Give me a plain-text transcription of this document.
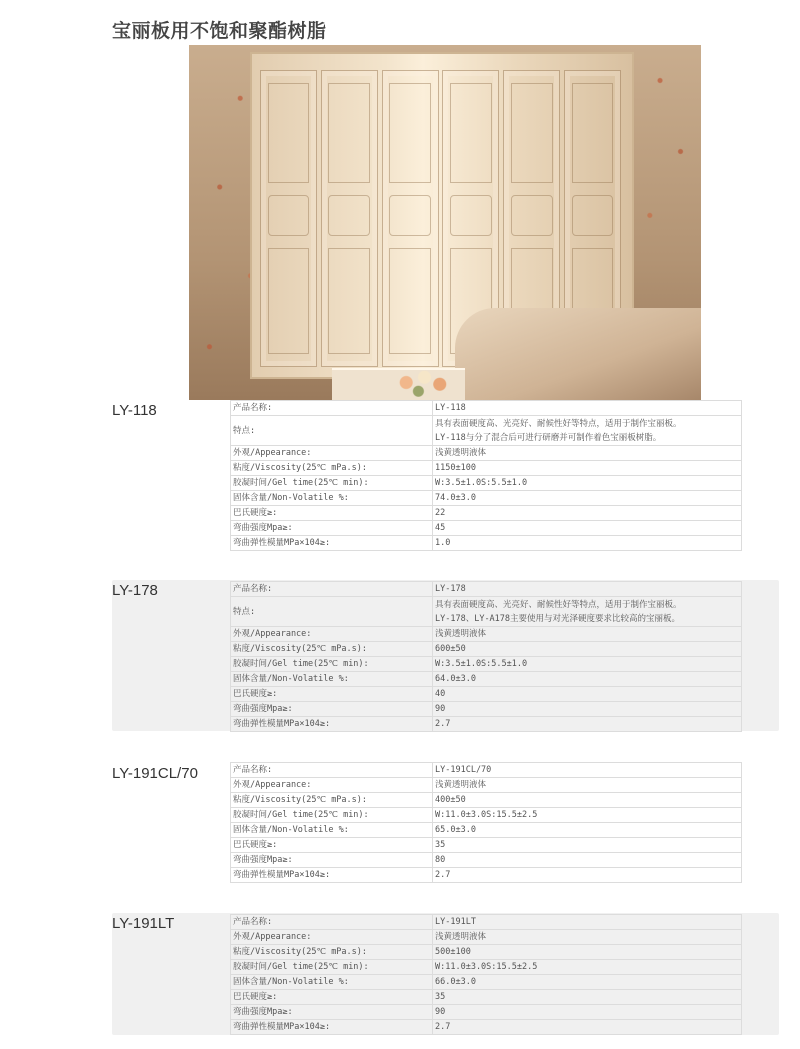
宝丽板用不饱和聚酯树脂
LY-118	产品名称:	LY-118
特点:	具有表面硬度高、光亮好、耐候性好等特点，适用于制作宝丽板。
LY-118与分了混合后可进行研磨并可制作着色宝丽板树脂。

外观/Appearance:	浅黄透明液体
粘度/Viscosity(25℃ mPa.s):	1150±100
胶凝时间/Gel time(25℃ min):	W:3.5±1.0S:5.5±1.0
固体含量/Non-Volatile %:	74.0±3.0
巴氏硬度≥:	22
弯曲强度Mpa≥:	45
弯曲弹性模量MPa×104≥:	1.0
LY-178	产品名称:	LY-178
特点:	具有表面硬度高、光亮好、耐候性好等特点，适用于制作宝丽板。
LY-178、LY-A178主要使用与对光泽硬度要求比较高的宝丽板。

外观/Appearance:	浅黄透明液体
粘度/Viscosity(25℃ mPa.s):	600±50
胶凝时间/Gel time(25℃ min):	W:3.5±1.0S:5.5±1.0
固体含量/Non-Volatile %:	64.0±3.0
巴氏硬度≥:	40
弯曲强度Mpa≥:	90
弯曲弹性模量MPa×104≥:	2.7
LY-191CL/70	产品名称:	LY-191CL/70
外观/Appearance:	浅黄透明液体
粘度/Viscosity(25℃ mPa.s):	400±50
胶凝时间/Gel time(25℃ min):	W:11.0±3.0S:15.5±2.5
固体含量/Non-Volatile %:	65.0±3.0
巴氏硬度≥:	35
弯曲强度Mpa≥:	80
弯曲弹性模量MPa×104≥:	2.7
LY-191LT	产品名称:	LY-191LT
外观/Appearance:	浅黄透明液体
粘度/Viscosity(25℃ mPa.s):	500±100
胶凝时间/Gel time(25℃ min):	W:11.0±3.0S:15.5±2.5
固体含量/Non-Volatile %:	66.0±3.0
巴氏硬度≥:	35
弯曲强度Mpa≥:	90
弯曲弹性模量MPa×104≥:	2.7
